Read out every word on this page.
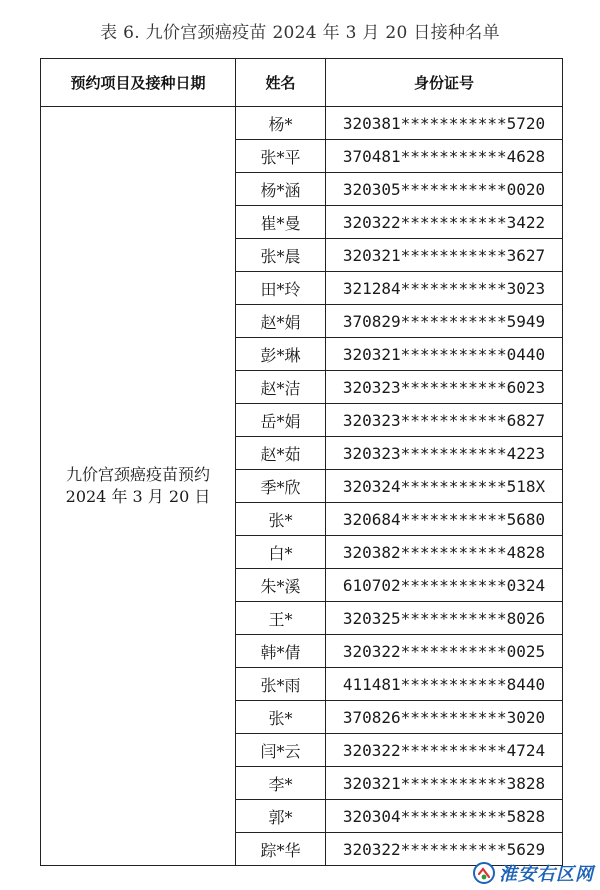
表 6. 九价宫颈癌疫苗 2024 年 3 月 20 日接种名单
预约项目及接种日期	姓名	身份证号

九价宫颈癌疫苗预约
2024 年 3 月 20 日	杨*	320381***********5720
	张*平	370481***********4628
	杨*涵	320305***********0020
	崔*曼	320322***********3422
	张*晨	320321***********3627
	田*玲	321284***********3023
	赵*娟	370829***********5949
	彭*琳	320321***********0440
	赵*洁	320323***********6023
	岳*娟	320323***********6827
	赵*茹	320323***********4223
	季*欣	320324***********518X
	张*	320684***********5680
	白*	320382***********4828
	朱*溪	610702***********0324
	王*	320325***********8026
	韩*倩	320322***********0025
	张*雨	411481***********8440
	张*	370826***********3020
	闫*云	320322***********4724
	李*	320321***********3828
	郭*	320304***********5828
	踪*华	320322***********5629
淮安右区网
